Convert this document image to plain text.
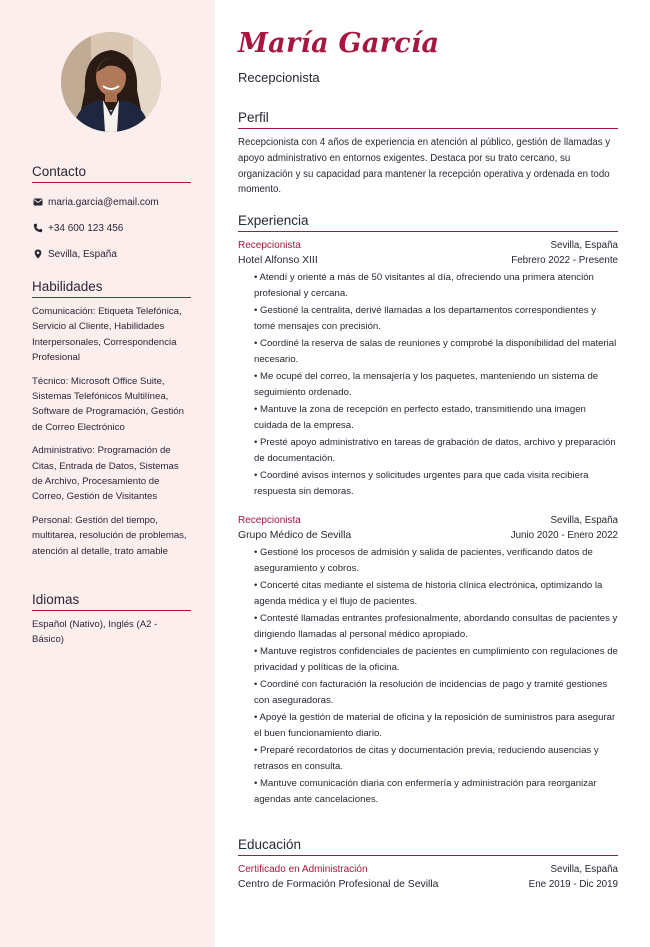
Contacto
maria.garcia@email.com
+34 600 123 456
Sevilla, España
Habilidades
Comunicación: Etiqueta Telefónica, Servicio al Cliente, Habilidades Interpersonales, Correspondencia Profesional
Técnico: Microsoft Office Suite, Sistemas Telefónicos Multilínea, Software de Programación, Gestión de Correo Electrónico
Administrativo: Programación de Citas, Entrada de Datos, Sistemas de Archivo, Procesamiento de Correo, Gestión de Visitantes
Personal: Gestión del tiempo, multitarea, resolución de problemas, atención al detalle, trato amable
Idiomas
Español (Nativo), Inglés (A2 - Básico)
María García
Recepcionista
Perfil
Recepcionista con 4 años de experiencia en atención al público, gestión de llamadas y apoyo administrativo en entornos exigentes. Destaca por su trato cercano, su organización y su capacidad para mantener la recepción operativa y ordenada en todo momento.
Experiencia
Recepcionista	Sevilla, España
Hotel Alfonso XIII	Febrero 2022 - Presente
• Atendí y orienté a más de 50 visitantes al día, ofreciendo una primera atención profesional y cercana.
• Gestioné la centralita, derivé llamadas a los departamentos correspondientes y tomé mensajes con precisión.
• Coordiné la reserva de salas de reuniones y comprobé la disponibilidad del material necesario.
• Me ocupé del correo, la mensajería y los paquetes, manteniendo un sistema de seguimiento ordenado.
• Mantuve la zona de recepción en perfecto estado, transmitiendo una imagen cuidada de la empresa.
• Presté apoyo administrativo en tareas de grabación de datos, archivo y preparación de documentación.
• Coordiné avisos internos y solicitudes urgentes para que cada visita recibiera respuesta sin demoras.
Recepcionista	Sevilla, España
Grupo Médico de Sevilla	Junio 2020 - Enero 2022
• Gestioné los procesos de admisión y salida de pacientes, verificando datos de aseguramiento y cobros.
• Concerté citas mediante el sistema de historia clínica electrónica, optimizando la agenda médica y el flujo de pacientes.
• Contesté llamadas entrantes profesionalmente, abordando consultas de pacientes y dirigiendo llamadas al personal médico apropiado.
• Mantuve registros confidenciales de pacientes en cumplimiento con regulaciones de privacidad y políticas de la oficina.
• Coordiné con facturación la resolución de incidencias de pago y tramité gestiones con aseguradoras.
• Apoyé la gestión de material de oficina y la reposición de suministros para asegurar el buen funcionamiento diario.
• Preparé recordatorios de citas y documentación previa, reduciendo ausencias y retrasos en consulta.
• Mantuve comunicación diaria con enfermería y administración para reorganizar agendas ante cancelaciones.
Educación
Certificado en Administración	Sevilla, España
Centro de Formación Profesional de Sevilla	Ene 2019 - Dic 2019
